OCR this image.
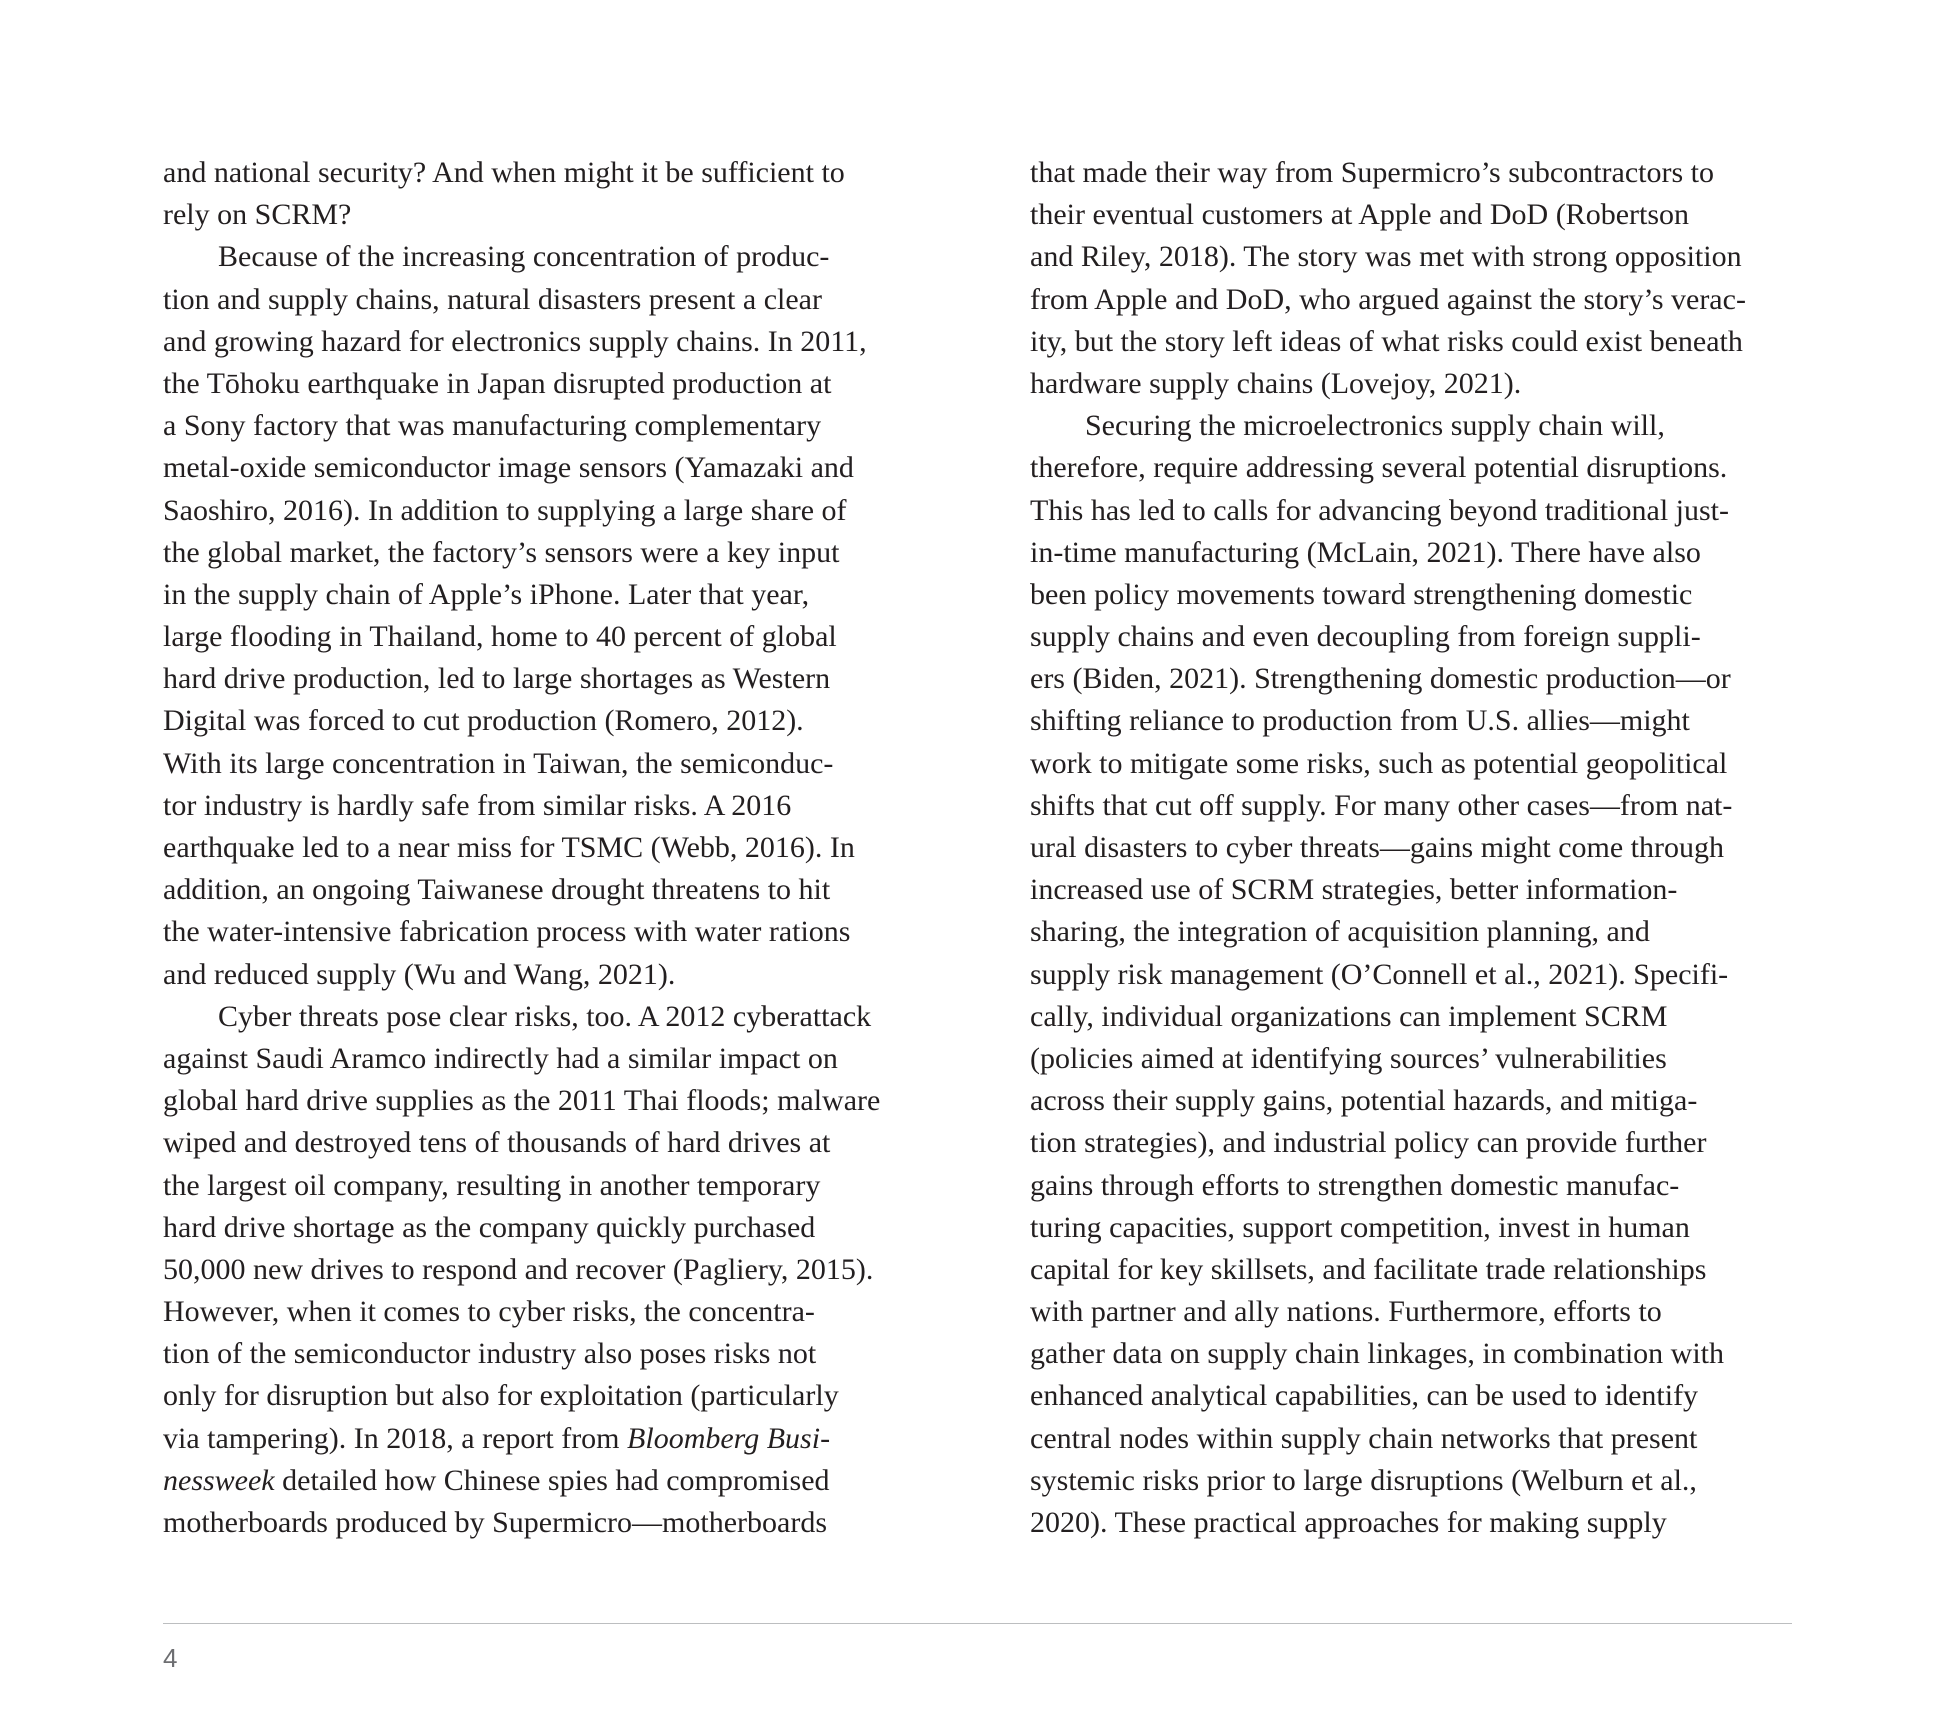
and national security? And when might it be sufficient to
rely on SCRM?
Because of the increasing concentration of produc-
tion and supply chains, natural disasters present a clear
and growing hazard for electronics supply chains. In 2011,
the Tōhoku earthquake in Japan disrupted production at
a Sony factory that was manufacturing complementary
metal-oxide semiconductor image sensors (Yamazaki and
Saoshiro, 2016). In addition to supplying a large share of
the global market, the factory’s sensors were a key input
in the supply chain of Apple’s iPhone. Later that year,
large flooding in Thailand, home to 40 percent of global
hard drive production, led to large shortages as Western
Digital was forced to cut production (Romero, 2012).
With its large concentration in Taiwan, the semiconduc-
tor industry is hardly safe from similar risks. A 2016
earthquake led to a near miss for TSMC (Webb, 2016). In
addition, an ongoing Taiwanese drought threatens to hit
the water-intensive fabrication process with water rations
and reduced supply (Wu and Wang, 2021).
Cyber threats pose clear risks, too. A 2012 cyberattack
against Saudi Aramco indirectly had a similar impact on
global hard drive supplies as the 2011 Thai floods; malware
wiped and destroyed tens of thousands of hard drives at
the largest oil company, resulting in another temporary
hard drive shortage as the company quickly purchased
50,000 new drives to respond and recover (Pagliery, 2015).
However, when it comes to cyber risks, the concentra-
tion of the semiconductor industry also poses risks not
only for disruption but also for exploitation (particularly
via tampering). In 2018, a report from Bloomberg Busi-
nessweek detailed how Chinese spies had compromised
motherboards produced by Supermicro—motherboards
that made their way from Supermicro’s subcontractors to
their eventual customers at Apple and DoD (Robertson
and Riley, 2018). The story was met with strong opposition
from Apple and DoD, who argued against the story’s verac-
ity, but the story left ideas of what risks could exist beneath
hardware supply chains (Lovejoy, 2021).
Securing the microelectronics supply chain will,
therefore, require addressing several potential disruptions.
This has led to calls for advancing beyond traditional just-
in-time manufacturing (McLain, 2021). There have also
been policy movements toward strengthening domestic
supply chains and even decoupling from foreign suppli-
ers (Biden, 2021). Strengthening domestic production—or
shifting reliance to production from U.S. allies—might
work to mitigate some risks, such as potential geopolitical
shifts that cut off supply. For many other cases—from nat-
ural disasters to cyber threats—gains might come through
increased use of SCRM strategies, better information-
sharing, the integration of acquisition planning, and
supply risk management (O’Connell et al., 2021). Specifi-
cally, individual organizations can implement SCRM
(policies aimed at identifying sources’ vulnerabilities
across their supply gains, potential hazards, and mitiga-
tion strategies), and industrial policy can provide further
gains through efforts to strengthen domestic manufac-
turing capacities, support competition, invest in human
capital for key skillsets, and facilitate trade relationships
with partner and ally nations. Furthermore, efforts to
gather data on supply chain linkages, in combination with
enhanced analytical capabilities, can be used to identify
central nodes within supply chain networks that present
systemic risks prior to large disruptions (Welburn et al.,
2020). These practical approaches for making supply
4
